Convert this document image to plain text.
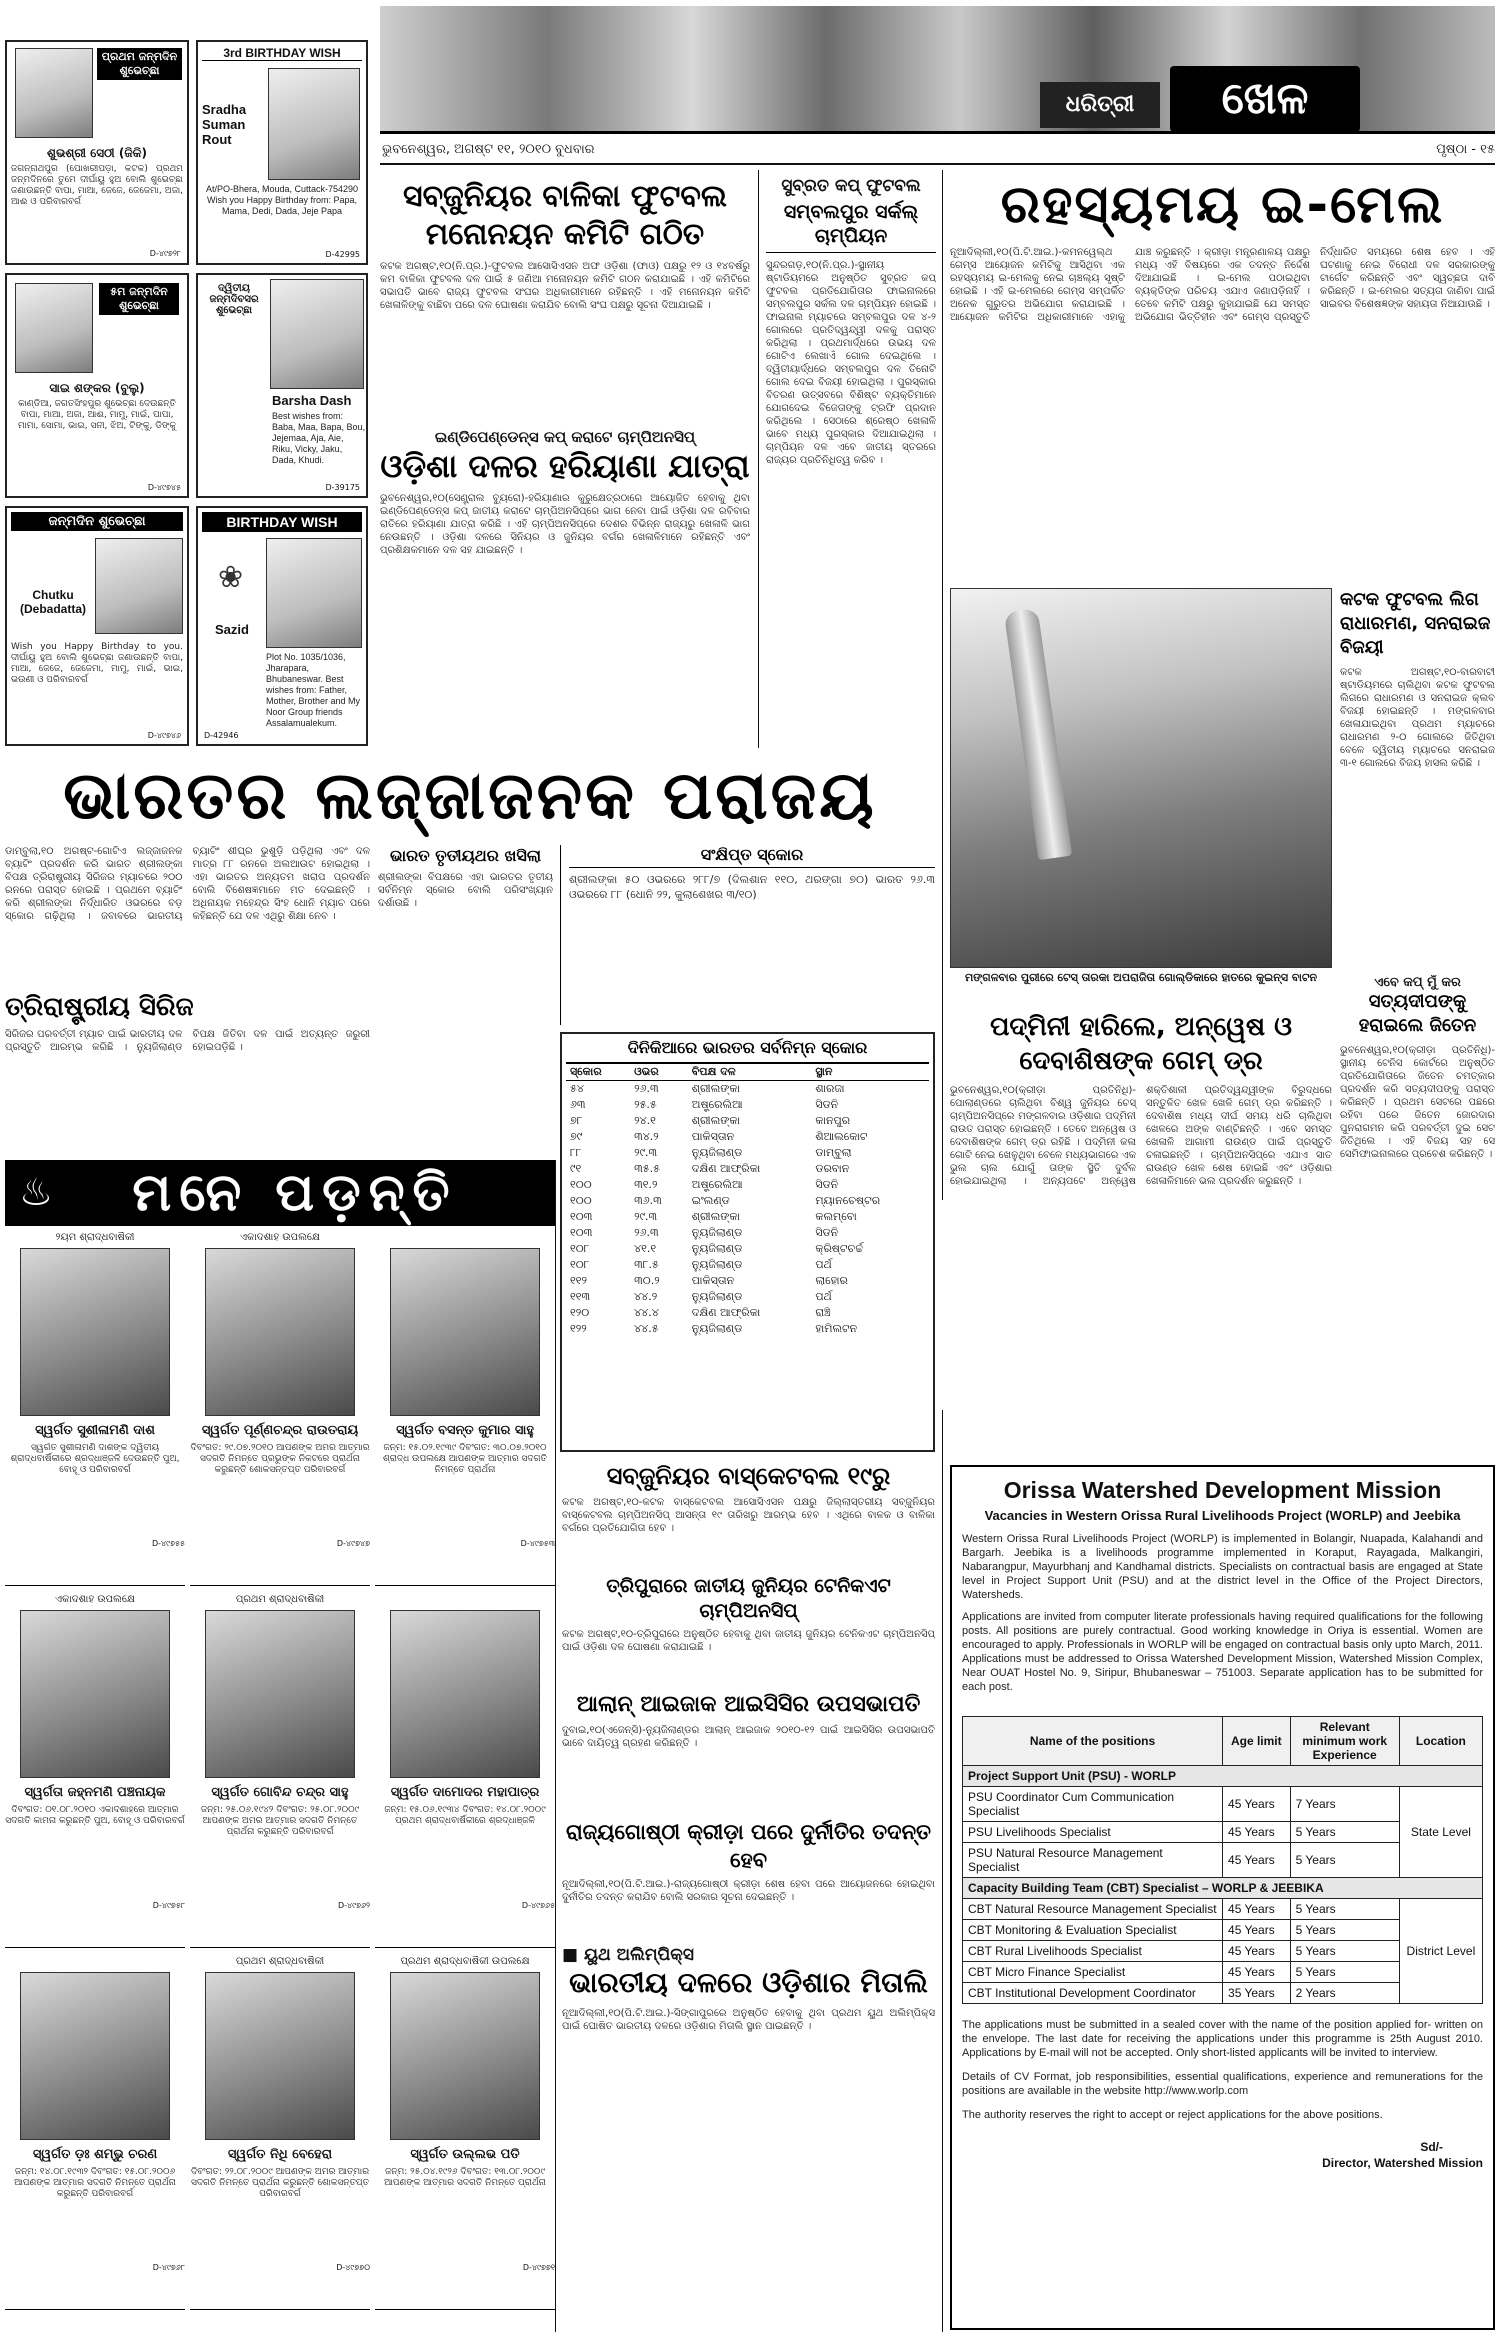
ଧରିତ୍ରୀ	ଖେଳ
ଭୁବନେଶ୍ୱର, ଅଗଷ୍ଟ ୧୧, ୨୦୧୦ ବୁଧବାର	ପୃଷ୍ଠା - ୧୫
ପ୍ରଥମ ଜନ୍ମଦିନ ଶୁଭେଚ୍ଛା
ଶୁଭଶ୍ରୀ ସେଠୀ (ଜିକି)
ଜଗନ୍ନାଥପୁର (ପୋଖରୀପଡ଼ା, କଟକ) ପ୍ରଥମ ଜନ୍ମଦିନରେ ତୁମେ ଦୀର୍ଘାୟୁ ହୁଅ ବୋଲି ଶୁଭେଚ୍ଛା ଜଣାଉଛନ୍ତି ବାପା, ମାଆ, ଜେଜେ, ଜେଜେମା, ଅଜା, ଆଈ ଓ ପରିବାରବର୍ଗ
D-୪୯୭୨୮
3rd BIRTHDAY WISH
Sradha Suman Rout
At/PO-Bhera, Mouda, Cuttack-754290 Wish you Happy Birthday from: Papa, Mama, Dedi, Dada, Jeje Papa
D-42995
୫ମ ଜନ୍ମଦିନ ଶୁଭେଚ୍ଛା
ସାଇ ଶଙ୍କର (ବୁଲୁ)
କାଣ୍ଡିଆ, ଜଗତସିଂହପୁର ଶୁଭେଚ୍ଛା ଦେଉଛନ୍ତି ବାପା, ମାଆ, ଅଜା, ଆଈ, ମାମୁ, ମାଇଁ, ପାପା, ମାମା, ସୋମା, ଭାଇ, ସନୀ, ଝିଅ, ଟିଙ୍କୁ, ଡିଙ୍କୁ
D-୪୯୭୪୫
ଦ୍ୱିତୀୟ ଜନ୍ମଦିବସର ଶୁଭେଚ୍ଛା
Barsha Dash
Best wishes from: Baba, Maa, Bapa, Bou, Jejemaa, Aja, Aie, Riku, Vicky, Jaku, Dada, Khudi.
D-39175
ଜନ୍ମଦିନ ଶୁଭେଚ୍ଛା
Chutku (Debadatta)
Wish you Happy Birthday to you. ଦୀର୍ଘାୟୁ ହୁଅ ବୋଲି ଶୁଭେଚ୍ଛା ଜଣାଉଛନ୍ତି ବାପା, ମାଆ, ଜେଜେ, ଜେଜେମା, ମାମୁ, ମାଇଁ, ଭାଇ, ଭଉଣୀ ଓ ପରିବାରବର୍ଗ
D-୪୯୭୪୬
BIRTHDAY WISH
❀
Sazid
Plot No. 1035/1036, Jharapara, Bhubaneswar. Best wishes from: Father, Mother, Brother and My Noor Group friends Assalamualekum.
D-42946
ସବ୍‌ଜୁନିୟର ବାଳିକା ଫୁଟବଲ ମନୋନୟନ କମିଟି ଗଠିତ
କଟକ ଅଗଷ୍ଟ,୧୦(ନି.ପ୍ର.)-ଫୁଟବଲ ଆସୋସିଏସନ ଅଫ ଓଡ଼ିଶା (ଫାଓ) ପକ୍ଷରୁ ୧୨ ଓ ୧୪ବର୍ଷରୁ କମ ବାଳିକା ଫୁଟବଲ ଦଳ ପାଇଁ ୫ ଜଣିଆ ମନୋନୟନ କମିଟି ଗଠନ କରାଯାଇଛି । ଏହି କମିଟିରେ ସଭାପତି ଭାବେ ରାଜ୍ୟ ଫୁଟବଲ ସଂଘର ଅଧିକାରୀମାନେ ରହିଛନ୍ତି । ଏହି ମନୋନୟନ କମିଟି ଖେଳାଳିଙ୍କୁ ବାଛିବା ପରେ ଦଳ ଘୋଷଣା କରାଯିବ ବୋଲି ସଂଘ ପକ୍ଷରୁ ସୂଚନା ଦିଆଯାଇଛି ।
ଇଣ୍ଡିପେଣ୍ଡେନ୍ସ କପ୍ କରାଟେ ଚାମ୍ପିଅନସିପ୍
ଓଡ଼ିଶା ଦଳର ହରିୟାଣା ଯାତ୍ରା
ଭୁବନେଶ୍ୱର,୧୦(ସେଣ୍ଟ୍ରାଲ ବ୍ୟୁରୋ)-ହରିୟାଣାର କୁରୁକ୍ଷେତ୍ରଠାରେ ଆୟୋଜିତ ହେବାକୁ ଥିବା ଇଣ୍ଡିପେଣ୍ଡେନ୍ସ କପ୍ ଜାତୀୟ କରାଟେ ଚାମ୍ପିଅନସିପ୍‌ରେ ଭାଗ ନେବା ପାଇଁ ଓଡ଼ିଶା ଦଳ ରବିବାର ରାତିରେ ହରିୟାଣା ଯାତ୍ରା କରିଛି । ଏହି ଚାମ୍ପିଅନସିପ୍‌ରେ ଦେଶର ବିଭିନ୍ନ ରାଜ୍ୟରୁ ଖେଳାଳି ଭାଗ ନେଉଛନ୍ତି । ଓଡ଼ିଶା ଦଳରେ ସିନିୟର ଓ ଜୁନିୟର ବର୍ଗର ଖେଳାଳିମାନେ ରହିଛନ୍ତି ଏବଂ ପ୍ରଶିକ୍ଷକମାନେ ଦଳ ସହ ଯାଇଛନ୍ତି ।
ସୁବ୍ରତ କପ୍ ଫୁଟବଲ
ସମ୍ବଲପୁର ସର୍କଲ୍ ଚାମ୍ପିୟନ
ସୁନ୍ଦରଗଡ଼,୧୦(ନି.ପ୍ର.)-ସ୍ଥାନୀୟ ଷ୍ଟାଡିୟମରେ ଅନୁଷ୍ଠିତ ସୁବ୍ରତ କପ୍ ଫୁଟବଲ ପ୍ରତିଯୋଗିତାର ଫାଇନାଲରେ ସମ୍ବଲପୁର ସର୍କଲ ଦଳ ଚାମ୍ପିୟନ ହୋଇଛି । ଫାଇନାଲ ମ୍ୟାଚରେ ସମ୍ବଲପୁର ଦଳ ୪-୨ ଗୋଲରେ ପ୍ରତିଦ୍ୱନ୍ଦ୍ୱୀ ଦଳକୁ ପରାସ୍ତ କରିଥିଲା । ପ୍ରଥମାର୍ଦ୍ଧରେ ଉଭୟ ଦଳ ଗୋଟିଏ ଲେଖାଏଁ ଗୋଲ ଦେଇଥିଲେ । ଦ୍ୱିତୀୟାର୍ଦ୍ଧରେ ସମ୍ବଲପୁର ଦଳ ତିନୋଟି ଗୋଲ ଦେଇ ବିଜୟୀ ହୋଇଥିଲା । ପୁରସ୍କାର ବିତରଣ ଉତ୍ସବରେ ବିଶିଷ୍ଟ ବ୍ୟକ୍ତିମାନେ ଯୋଗଦେଇ ବିଜେତାଙ୍କୁ ଟ୍ରଫି ପ୍ରଦାନ କରିଥିଲେ । ସେଠାରେ ଶ୍ରେଷ୍ଠ ଖେଳାଳି ଭାବେ ମଧ୍ୟ ପୁରସ୍କାର ଦିଆଯାଇଥିଲା । ଚାମ୍ପିୟନ ଦଳ ଏବେ ଜାତୀୟ ସ୍ତରରେ ରାଜ୍ୟର ପ୍ରତିନିଧିତ୍ୱ କରିବ ।
ରହସ୍ୟମୟ ଇ-ମେଲ
ନୂଆଦିଲ୍ଲୀ,୧୦(ପି.ଟି.ଆଇ.)-କମନୱେଲ୍ଥ ଗେମ୍ସ ଆୟୋଜନ କମିଟିକୁ ଆସିଥିବା ଏକ ରହସ୍ୟମୟ ଇ-ମେଲକୁ ନେଇ ଚାଞ୍ଚଲ୍ୟ ସୃଷ୍ଟି ହୋଇଛି । ଏହି ଇ-ମେଲରେ ଗେମ୍ସ ସମ୍ପର୍କିତ ଅନେକ ଗୁରୁତର ଅଭିଯୋଗ କରାଯାଇଛି । ଆୟୋଜନ କମିଟିର ଅଧିକାରୀମାନେ ଏହାକୁ ଯାଞ୍ଚ କରୁଛନ୍ତି । କ୍ରୀଡ଼ା ମନ୍ତ୍ରଣାଳୟ ପକ୍ଷରୁ ମଧ୍ୟ ଏହି ବିଷୟରେ ଏକ ତଦନ୍ତ ନିର୍ଦ୍ଦେଶ ଦିଆଯାଇଛି । ଇ-ମେଲ ପଠାଇଥିବା ବ୍ୟକ୍ତିଙ୍କ ପରିଚୟ ଏଯାଏ ଜଣାପଡ଼ିନାହିଁ । ତେବେ କମିଟି ପକ୍ଷରୁ କୁହାଯାଇଛି ଯେ ସମସ୍ତ ଅଭିଯୋଗ ଭିତ୍ତିହୀନ ଏବଂ ଗେମ୍ସ ପ୍ରସ୍ତୁତି ନିର୍ଦ୍ଧାରିତ ସମୟରେ ଶେଷ ହେବ । ଏହି ଘଟଣାକୁ ନେଇ ବିରୋଧୀ ଦଳ ସରକାରଙ୍କୁ ଟାର୍ଗେଟ କରିଛନ୍ତି ଏବଂ ସ୍ୱଚ୍ଛତା ଦାବି କରିଛନ୍ତି । ଇ-ମେଲର ସତ୍ୟତା ଜାଣିବା ପାଇଁ ସାଇବର ବିଶେଷଜ୍ଞଙ୍କ ସହାୟତା ନିଆଯାଉଛି ।
ମଙ୍ଗଳବାର ପୁରୀରେ ଟେସ୍ ତାରକା ଅପରାଜିତା ଗୋଲ୍ଡିକାରେ ହାତରେ କୁଇନ୍ସ ବାଟନ
କଟକ ଫୁଟବଲ ଲିଗ ରାଧାରମଣ, ସନରାଇଜ ବିଜୟୀ
କଟକ ଅଗଷ୍ଟ,୧୦-ବାରବାଟୀ ଷ୍ଟାଡିୟମରେ ଚାଲିଥିବା କଟକ ଫୁଟବଲ ଲିଗରେ ରାଧାରମଣ ଓ ସନରାଇଜ କ୍ଲବ ବିଜୟୀ ହୋଇଛନ୍ତି । ମଙ୍ଗଳବାର ଖେଳାଯାଇଥିବା ପ୍ରଥମ ମ୍ୟାଚରେ ରାଧାରମଣ ୨-୦ ଗୋଲରେ ଜିତିଥିବା ବେଳେ ଦ୍ୱିତୀୟ ମ୍ୟାଚରେ ସନରାଇଜ ୩-୧ ଗୋଲରେ ବିଜୟ ହାସଲ କରିଛି ।
ଏବେ କପ୍ ମୁଁ କର
ସତ୍ୟଦୀପଙ୍କୁ ହରାଇଲେ ଜିତେନ
ଭୁବନେଶ୍ୱର,୧୦(କ୍ରୀଡ଼ା ପ୍ରତିନିଧି)-ସ୍ଥାନୀୟ ଟେନିସ କୋର୍ଟରେ ଅନୁଷ୍ଠିତ ପ୍ରତିଯୋଗିତାରେ ଜିତେନ ଚମତ୍କାର ପ୍ରଦର୍ଶନ କରି ସତ୍ୟଦୀପଙ୍କୁ ପରାସ୍ତ କରିଛନ୍ତି । ପ୍ରଥମ ସେଟରେ ପଛରେ ରହିବା ପରେ ଜିତେନ ଜୋରଦାର ପୁନରାଗମନ କରି ପରବର୍ତ୍ତୀ ଦୁଇ ସେଟ ଜିତିଥିଲେ । ଏହି ବିଜୟ ସହ ସେ ସେମିଫାଇନାଲରେ ପ୍ରବେଶ କରିଛନ୍ତି ।
ପଦ୍ମିନୀ ହାରିଲେ, ଅନ୍ୱେଷ ଓ ଦେବାଶିଷଙ୍କ ଗେମ୍ ଡ୍ର
ଭୁବନେଶ୍ୱର,୧୦(କ୍ରୀଡ଼ା ପ୍ରତିନିଧି)-ପୋଲାଣ୍ଡରେ ଚାଲିଥିବା ବିଶ୍ୱ ଜୁନିୟର ଚେସ୍ ଚାମ୍ପିଅନସିପ୍‌ରେ ମଙ୍ଗଳବାର ଓଡ଼ିଶାର ପଦ୍ମିନୀ ରାଉତ ପରାସ୍ତ ହୋଇଛନ୍ତି । ତେବେ ଅନ୍ୱେଷ ଓ ଦେବାଶିଷଙ୍କ ଗେମ୍ ଡ୍ର ରହିଛି । ପଦ୍ମିନୀ କଳା ଗୋଟି ନେଇ ଖେଳୁଥିବା ବେଳେ ମଧ୍ୟଭାଗରେ ଏକ ଭୁଲ ଚାଲ ଯୋଗୁଁ ତାଙ୍କ ସ୍ଥିତି ଦୁର୍ବଳ ହୋଇଯାଇଥିଲା । ଅନ୍ୟପଟେ ଅନ୍ୱେଷ ଶକ୍ତିଶାଳୀ ପ୍ରତିଦ୍ୱନ୍ଦ୍ୱୀଙ୍କ ବିରୁଦ୍ଧରେ ସନ୍ତୁଳିତ ଖେଳ ଖେଳି ଗେମ୍ ଡ୍ର କରିଛନ୍ତି । ଦେବାଶିଷ ମଧ୍ୟ ଦୀର୍ଘ ସମୟ ଧରି ଚାଲିଥିବା ଖେଳରେ ଅଙ୍କ ବାଣ୍ଟିଛନ୍ତି । ଏବେ ସମସ୍ତ ଖେଳାଳି ଆଗାମୀ ରାଉଣ୍ଡ ପାଇଁ ପ୍ରସ୍ତୁତି ଚଳାଇଛନ୍ତି । ଚାମ୍ପିଅନସିପ୍‌ରେ ଏଯାଏ ସାତ ରାଉଣ୍ଡ ଖେଳ ଶେଷ ହୋଇଛି ଏବଂ ଓଡ଼ିଶାର ଖେଳାଳିମାନେ ଭଲ ପ୍ରଦର୍ଶନ କରୁଛନ୍ତି ।
ଭାରତର ଲଜ୍ଜାଜନକ ପରାଜୟ
ଡାମ୍ବୁଲା,୧୦ ଅଗଷ୍ଟ-ଗୋଟିଏ ଲଜ୍ଜାଜନକ ବ୍ୟାଟିଂ ପ୍ରଦର୍ଶନ କରି ଭାରତ ଶ୍ରୀଲଙ୍କା ବିପକ୍ଷ ତ୍ରିରାଷ୍ଟ୍ରୀୟ ସିରିଜର ମ୍ୟାଚରେ ୨୦୦ ରନରେ ପରାସ୍ତ ହୋଇଛି । ପ୍ରଥମେ ବ୍ୟାଟିଂ କରି ଶ୍ରୀଲଙ୍କା ନିର୍ଦ୍ଧାରିତ ଓଭରରେ ବଡ଼ ସ୍କୋର ଗଢ଼ିଥିଲା । ଜବାବରେ ଭାରତୀୟ ବ୍ୟାଟିଂ ଶୀଘ୍ର ଭୁଶୁଡ଼ି ପଡ଼ିଥିଲା ଏବଂ ଦଳ ମାତ୍ର ୮୮ ରନରେ ଅଲଆଉଟ ହୋଇଥିଲା । ଏହା ଭାରତର ଅନ୍ୟତମ ଖରାପ ପ୍ରଦର୍ଶନ ବୋଲି ବିଶେଷଜ୍ଞମାନେ ମତ ଦେଇଛନ୍ତି । ଅଧିନାୟକ ମହେନ୍ଦ୍ର ସିଂହ ଧୋନି ମ୍ୟାଚ ପରେ କହିଛନ୍ତି ଯେ ଦଳ ଏଥିରୁ ଶିକ୍ଷା ନେବ ।
ତ୍ରିରାଷ୍ଟ୍ରୀୟ ସିରିଜ
ସିରିଜର ପରବର୍ତ୍ତୀ ମ୍ୟାଚ ପାଇଁ ଭାରତୀୟ ଦଳ ପ୍ରସ୍ତୁତି ଆରମ୍ଭ କରିଛି । ନ୍ୟୁଜିଲାଣ୍ଡ ବିପକ୍ଷ ଜିତିବା ଦଳ ପାଇଁ ଅତ୍ୟନ୍ତ ଜରୁରୀ ହୋଇପଡ଼ିଛି ।
ଭାରତ ତୃତୀୟଥର ଖସିଲା
ଶ୍ରୀଲଙ୍କା ବିପକ୍ଷରେ ଏହା ଭାରତର ତୃତୀୟ ସର୍ବନିମ୍ନ ସ୍କୋର ବୋଲି ପରିସଂଖ୍ୟାନ ଦର୍ଶାଉଛି ।
ସଂକ୍ଷିପ୍ତ ସ୍କୋର
ଶ୍ରୀଲଙ୍କା ୫୦ ଓଭରରେ ୨୮୮/୭ (ଦିଲଶାନ ୧୧୦, ଥରଙ୍ଗା ୭୦) ଭାରତ ୨୬.୩ ଓଭରରେ ୮୮ (ଧୋନି ୨୨, କୁଲାଶେଖର ୩/୧୦)
ଦିନିକିଆରେ ଭାରତର ସର୍ବନିମ୍ନ ସ୍କୋର
ସ୍କୋର	ଓଭର	ବିପକ୍ଷ ଦଳ	ସ୍ଥାନ
୫୪	୨୬.୩	ଶ୍ରୀଲଙ୍କା	ଶାରଜା
୬୩	୨୫.୫	ଅଷ୍ଟ୍ରେଲିଆ	ସିଡନି
୭୮	୨୪.୧	ଶ୍ରୀଲଙ୍କା	କାନପୁର
୭୯	୩୪.୨	ପାକିସ୍ତାନ	ଶିଆଲକୋଟ
୮୮	୨୯.୩	ନ୍ୟୁଜିଲାଣ୍ଡ	ଡାମ୍ବୁଲା
୯୧	୩୫.୫	ଦକ୍ଷିଣ ଆଫ୍ରିକା	ଡରବାନ
୧୦୦	୩୧.୨	ଅଷ୍ଟ୍ରେଲିଆ	ସିଡନି
୧୦୦	୩୬.୩	ଇଂଲଣ୍ଡ	ମ୍ୟାନଚେଷ୍ଟର
୧୦୩	୨୯.୩	ଶ୍ରୀଲଙ୍କା	କଲମ୍ବୋ
୧୦୩	୨୬.୩	ନ୍ୟୁଜିଲାଣ୍ଡ	ସିଡନି
୧୦୮	୪୧.୧	ନ୍ୟୁଜିଲାଣ୍ଡ	କ୍ରିଷ୍ଟଚର୍ଚ୍ଚ
୧୦୮	୩୮.୫	ନ୍ୟୁଜିଲାଣ୍ଡ	ପର୍ଥ
୧୧୨	୩୦.୨	ପାକିସ୍ତାନ	ଲାହୋର
୧୧୩	୪୪.୨	ନ୍ୟୁଜିଲାଣ୍ଡ	ପର୍ଥ
୧୨୦	୪୪.୪	ଦକ୍ଷିଣ ଆଫ୍ରିକା	ରାଞ୍ଚି
୧୨୨	୪୪.୫	ନ୍ୟୁଜିଲାଣ୍ଡ	ହାମିଲଟନ
♨	ମନେ ପଡ଼ନ୍ତି
୨ୟମ ଶ୍ରାଦ୍ଧବାର୍ଷିକୀ
ସ୍ୱର୍ଗତ ସୁଶୀଳାମଣି ଦାଶ
ସ୍ୱର୍ଗତ ସୁଶୀଳାମଣି ଦାଶଙ୍କ ଦ୍ୱିତୀୟ ଶ୍ରାଦ୍ଧବାର୍ଷିକୀରେ ଶ୍ରଦ୍ଧାଞ୍ଜଳି ଦେଉଛନ୍ତି ପୁଅ, ବୋହୂ ଓ ପରିବାରବର୍ଗ
D-୪୯୭୫୫
ଏକାଦଶାହ ଉପଲକ୍ଷେ
ସ୍ୱର୍ଗତ ପୂର୍ଣ୍ଣଚନ୍ଦ୍ର ରାଉତରାୟ
ଦିବଂଗତ: ୨୯.୦୭.୨୦୧୦ ଆପଣଙ୍କ ଅମର ଆତ୍ମାର ସଦଗତି ନିମନ୍ତେ ପ୍ରଭୁଙ୍କ ନିକଟରେ ପ୍ରାର୍ଥନା କରୁଛନ୍ତି ଶୋକସନ୍ତପ୍ତ ପରିବାରବର୍ଗ
D-୪୯୭୪୭
ସ୍ୱର୍ଗତ ବସନ୍ତ କୁମାର ସାହୁ
ଜନ୍ମ: ୧୫.୦୨.୧୯୩୯ ଦିବଂଗତ: ୩୦.୦୭.୨୦୧୦ ଶ୍ରାଦ୍ଧ ଉପଲକ୍ଷେ ଆପଣଙ୍କ ଆତ୍ମାର ସଦଗତି ନିମନ୍ତେ ପ୍ରାର୍ଥନା
D-୪୯୭୫୩
ଏକାଦଶାହ ଉପଲକ୍ଷେ
ସ୍ୱର୍ଗତା ଜହ୍ନମଣି ପଞ୍ଚନାୟକ
ଦିବଂଗତ: ୦୧.୦୮.୨୦୧୦ ଏକାଦଶାହରେ ଆତ୍ମାର ସଦଗତି କାମନା କରୁଛନ୍ତି ପୁଅ, ବୋହୂ ଓ ପରିବାରବର୍ଗ
D-୪୯୭୫୮
ପ୍ରଥମ ଶ୍ରାଦ୍ଧବାର୍ଷିକୀ
ସ୍ୱର୍ଗତ ଗୋବିନ୍ଦ ଚନ୍ଦ୍ର ସାହୁ
ଜନ୍ମ: ୨୫.୦୬.୧୯୪୨ ଦିବଂଗତ: ୨୫.୦୮.୨୦୦୯ ଆପଣଙ୍କ ଅମର ଆତ୍ମାର ସଦଗତି ନିମନ୍ତେ ପ୍ରାର୍ଥନା କରୁଛନ୍ତି ପରିବାରବର୍ଗ
D-୪୯୭୬୨
ସ୍ୱର୍ଗତ ଦାମୋଦର ମହାପାତ୍ର
ଜନ୍ମ: ୧୫.୦୬.୧୯୩୪ ଦିବଂଗତ: ୧୪.୦୮.୨୦୦୯ ପ୍ରଥମ ଶ୍ରାଦ୍ଧବାର୍ଷିକୀରେ ଶ୍ରଦ୍ଧାଞ୍ଜଳି
D-୪୯୭୬୫
ସ୍ୱର୍ଗତ ଡ଼ଃ ଶମ୍ଭୁ ଚରଣ
ଜନ୍ମ: ୧୪.୦୮.୧୯୩୨ ଦିବଂଗତ: ୧୫.୦୮.୨୦୦୬ ଆପଣଙ୍କ ଆତ୍ମାର ସଦଗତି ନିମନ୍ତେ ପ୍ରାର୍ଥନା କରୁଛନ୍ତି ପରିବାରବର୍ଗ
D-୪୯୭୬୮
ପ୍ରଥମ ଶ୍ରାଦ୍ଧବାର୍ଷିକୀ
ସ୍ୱର୍ଗତ ନିଧି ବେହେରା
ଦିବଂଗତ: ୨୨.୦୮.୨୦୦୯ ଆପଣଙ୍କ ଅମର ଆତ୍ମାର ସଦଗତି ନିମନ୍ତେ ପ୍ରାର୍ଥନା କରୁଛନ୍ତି ଶୋକସନ୍ତପ୍ତ ପରିବାରବର୍ଗ
D-୪୯୭୭୦
ପ୍ରଥମ ଶ୍ରାଦ୍ଧବାର୍ଷିକୀ ଉପଲକ୍ଷେ
ସ୍ୱର୍ଗତ ଉଲ୍ଲଭ ପତି
ଜନ୍ମ: ୨୫.୦୪.୧୯୨୬ ଦିବଂଗତ: ୧୩.୦୮.୨୦୦୯ ଆପଣଙ୍କ ଆତ୍ମାର ସଦଗତି ନିମନ୍ତେ ପ୍ରାର୍ଥନା
D-୪୯୭୭୧
ସବ୍‌ଜୁନିୟର ବାସ୍କେଟବଲ ୧୯ରୁ
କଟକ ଅଗଷ୍ଟ,୧୦-କଟକ ବାସ୍କେଟବଲ ଆସୋସିଏସନ ପକ୍ଷରୁ ଜିଲ୍ଲାସ୍ତରୀୟ ସବ୍‌ଜୁନିୟର ବାସ୍କେଟବଲ ଚାମ୍ପିଅନସିପ୍ ଆସନ୍ତା ୧୯ ତାରିଖରୁ ଆରମ୍ଭ ହେବ । ଏଥିରେ ବାଳକ ଓ ବାଳିକା ବର୍ଗରେ ପ୍ରତିଯୋଗିତା ହେବ ।
ତ୍ରିପୁରାରେ ଜାତୀୟ ଜୁନିୟର ଟେନିକଏଟ ଚାମ୍ପିଅନସିପ୍
କଟକ ଅଗଷ୍ଟ,୧୦-ତ୍ରିପୁରାରେ ଅନୁଷ୍ଠିତ ହେବାକୁ ଥିବା ଜାତୀୟ ଜୁନିୟର ଟେନିକଏଟ ଚାମ୍ପିଅନସିପ୍ ପାଇଁ ଓଡ଼ିଶା ଦଳ ଘୋଷଣା କରାଯାଇଛି ।
ଆଲାନ୍ ଆଇଜାକ ଆଇସିସିର ଉପସଭାପତି
ଦୁବାଇ,୧୦(ଏଜେନ୍ସି)-ନ୍ୟୁଜିଲାଣ୍ଡର ଆଲାନ୍ ଆଇଜାକ ୨୦୧୦-୧୨ ପାଇଁ ଆଇସିସିର ଉପସଭାପତି ଭାବେ ଦାୟିତ୍ୱ ଗ୍ରହଣ କରିଛନ୍ତି ।
ରାଜ୍ୟଗୋଷ୍ଠୀ କ୍ରୀଡ଼ା ପରେ ଦୁର୍ନୀତିର ତଦନ୍ତ ହେବ
ନୂଆଦିଲ୍ଲୀ,୧୦(ପି.ଟି.ଆଇ.)-ରାଜ୍ୟଗୋଷ୍ଠୀ କ୍ରୀଡ଼ା ଶେଷ ହେବା ପରେ ଆୟୋଜନରେ ହୋଇଥିବା ଦୁର୍ନୀତିର ତଦନ୍ତ କରାଯିବ ବୋଲି ସରକାର ସୂଚନା ଦେଇଛନ୍ତି ।
■ ୟୁଥ ଅଲିମ୍ପିକ୍ସ
ଭାରତୀୟ ଦଳରେ ଓଡ଼ିଶାର ମିତାଲି
ନୂଆଦିଲ୍ଲୀ,୧୦(ପି.ଟି.ଆଇ.)-ସିଙ୍ଗାପୁରରେ ଅନୁଷ୍ଠିତ ହେବାକୁ ଥିବା ପ୍ରଥମ ୟୁଥ ଅଲିମ୍ପିକ୍ସ ପାଇଁ ଘୋଷିତ ଭାରତୀୟ ଦଳରେ ଓଡ଼ିଶାର ମିତାଲି ସ୍ଥାନ ପାଇଛନ୍ତି ।
Orissa Watershed Development Mission
Vacancies in Western Orissa Rural Livelihoods Project (WORLP) and Jeebika
Western Orissa Rural Livelihoods Project (WORLP) is implemented in Bolangir, Nuapada, Kalahandi and Bargarh. Jeebika is a livelihoods programme implemented in Koraput, Rayagada, Malkangiri, Nabarangpur, Mayurbhanj and Kandhamal districts. Specialists on contractual basis are engaged at State level in Project Support Unit (PSU) and at the district level in the Office of the Project Directors, Watersheds.
Applications are invited from computer literate professionals having required qualifications for the following posts. All positions are purely contractual. Good working knowledge in Oriya is essential. Women are encouraged to apply. Professionals in WORLP will be engaged on contractual basis only upto March, 2011. Applications must be addressed to Orissa Watershed Development Mission, Watershed Mission Complex, Near OUAT Hostel No. 9, Siripur, Bhubaneswar – 751003. Separate application has to be submitted for each post.
Name of the positions	Age limit	Relevant minimum work Experience	Location
Project Support Unit (PSU) - WORLP			
PSU Coordinator Cum Communication Specialist	45 Years	7 Years	State Level
PSU Livelihoods Specialist	45 Years	5 Years	
PSU Natural Resource Management Specialist	45 Years	5 Years	
Capacity Building Team (CBT) Specialist – WORLP & JEEBIKA			
CBT Natural Resource Management Specialist	45 Years	5 Years	District Level
CBT Monitoring & Evaluation Specialist	45 Years	5 Years	
CBT Rural Livelihoods Specialist	45 Years	5 Years	
CBT Micro Finance Specialist	45 Years	5 Years	
CBT Institutional Development Coordinator	35 Years	2 Years	
The applications must be submitted in a sealed cover with the name of the position applied for- written on the envelope. The last date for receiving the applications under this programme is 25th August 2010. Applications by E-mail will not be accepted. Only short-listed applicants will be invited to interview.
Details of CV Format, job responsibilities, essential qualifications, experience and remunerations for the positions are available in the website http://www.worlp.com
The authority reserves the right to accept or reject applications for the above positions.
Sd/-
Director, Watershed Mission
